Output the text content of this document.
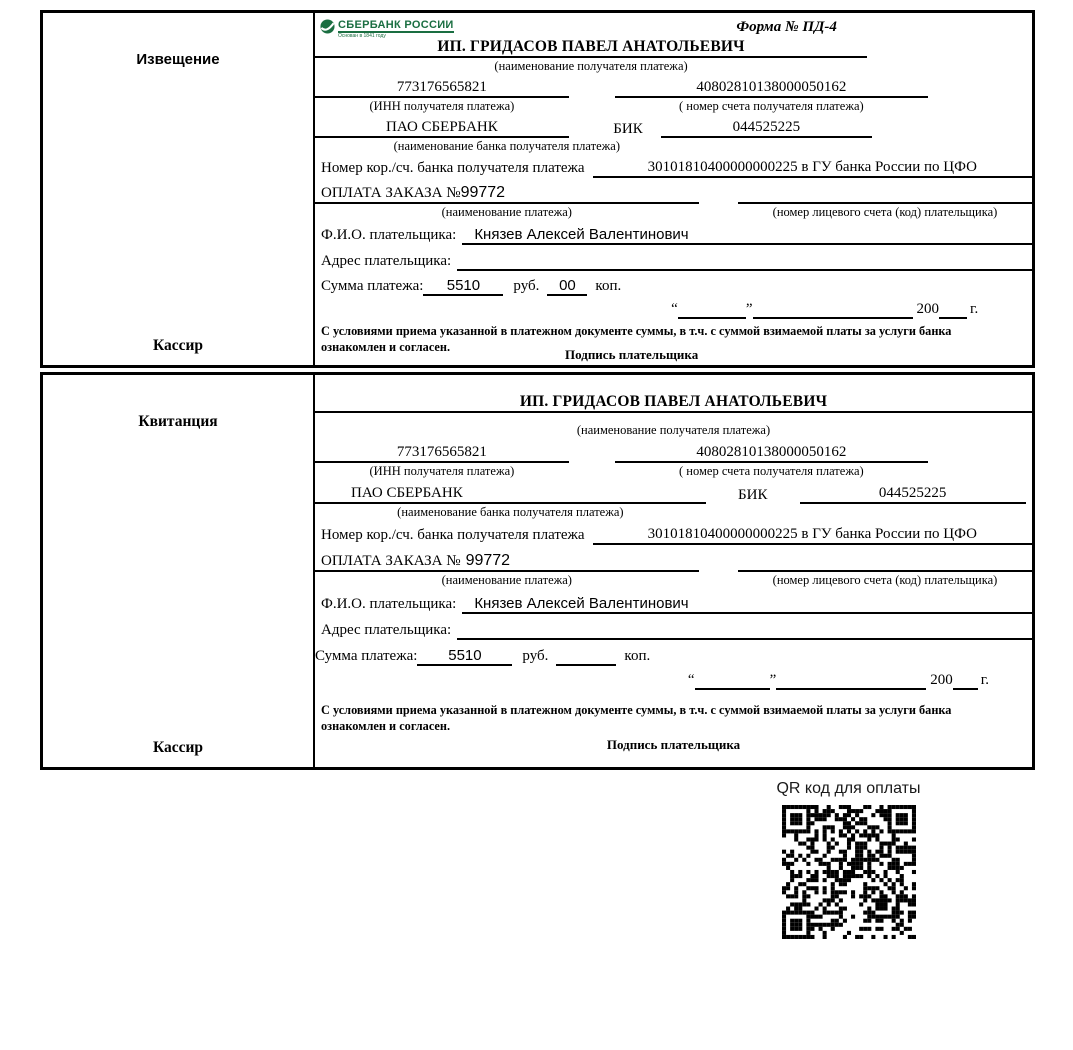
Извещение
Кассир
СБЕРБАНК РОССИИ
Основан в 1841 году
Форма № ПД-4
ИП. ГРИДАСОВ ПАВЕЛ АНАТОЛЬЕВИЧ
(наименование получателя платежа)
773176565821	40802810138000050162
(ИНН получателя платежа)	( номер счета получателя платежа)
ПАО СБЕРБАНК	БИК	044525225
(наименование банка получателя платежа)
Номер кор./сч. банка получателя платежа	30101810400000000225 в ГУ банка России по ЦФО
ОПЛАТА ЗАКАЗА № 99772
(наименование платежа)	(номер лицевого счета (код) плательщика)
Ф.И.О. плательщика:	Князев Алексей Валентинович
Адрес плательщика:
Сумма платежа:	5510	руб.	00	коп.
“	”	200 г.
С условиями приема указанной в платежном документе суммы, в т.ч. с суммой взимаемой платы за услуги банка ознакомлен и согласен.	Подпись плательщика
Квитанция
Кассир
ИП. ГРИДАСОВ ПАВЕЛ АНАТОЛЬЕВИЧ
(наименование получателя платежа)
773176565821	40802810138000050162
(ИНН получателя платежа)	( номер счета получателя платежа)
ПАО СБЕРБАНК	БИК	044525225
(наименование банка получателя платежа)
Номер кор./сч. банка получателя платежа	30101810400000000225 в ГУ банка России по ЦФО
ОПЛАТА ЗАКАЗА № 99772
(наименование платежа)	(номер лицевого счета (код) плательщика)
Ф.И.О. плательщика:	Князев Алексей Валентинович
Адрес плательщика:
Сумма платежа:	5510	руб.	коп.
“	”	200 г.
С условиями приема указанной в платежном документе суммы, в т.ч. с суммой взимаемой платы за услуги банка ознакомлен и согласен.
Подпись плательщика
QR код для оплаты
